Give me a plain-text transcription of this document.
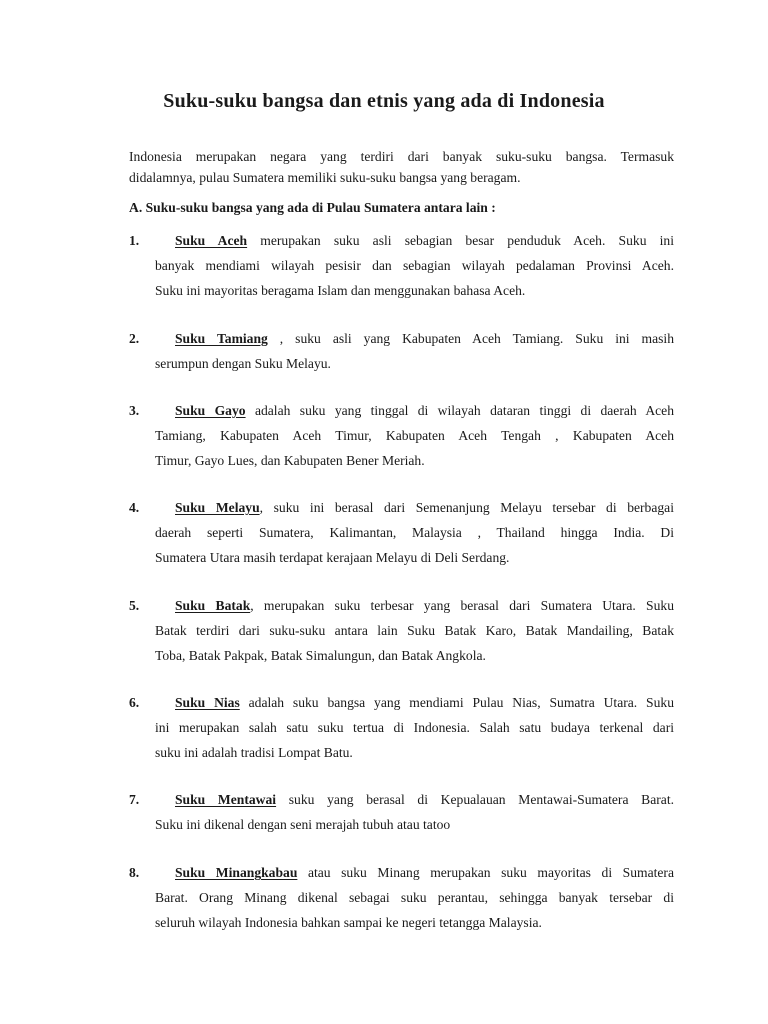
Suku-suku bangsa dan etnis yang ada di Indonesia

Indonesia merupakan negara yang terdiri dari banyak suku-suku bangsa. Termasuk
didalamnya, pulau Sumatera memiliki suku-suku bangsa yang beragam.

A. Suku-suku bangsa yang ada di Pulau Sumatera antara lain :

1.	Suku Aceh merupakan suku asli sebagian besar penduduk Aceh. Suku ini
banyak mendiami wilayah pesisir dan sebagian wilayah pedalaman Provinsi Aceh.
Suku ini mayoritas beragama Islam dan menggunakan bahasa Aceh.
2.	Suku Tamiang , suku asli yang Kabupaten Aceh Tamiang. Suku ini masih
serumpun dengan Suku Melayu.
3.	Suku Gayo adalah suku yang tinggal di wilayah dataran tinggi di daerah Aceh
Tamiang, Kabupaten Aceh Timur, Kabupaten Aceh Tengah , Kabupaten Aceh
Timur, Gayo Lues, dan Kabupaten Bener Meriah.
4.	Suku Melayu, suku ini berasal dari Semenanjung Melayu tersebar di berbagai
daerah seperti Sumatera, Kalimantan, Malaysia , Thailand hingga India. Di
Sumatera Utara masih terdapat kerajaan Melayu di Deli Serdang.
5.	Suku Batak, merupakan suku terbesar yang berasal dari Sumatera Utara. Suku
Batak terdiri dari suku-suku antara lain Suku Batak Karo, Batak Mandailing, Batak
Toba, Batak Pakpak, Batak Simalungun, dan Batak Angkola.
6.	Suku Nias adalah suku bangsa yang mendiami Pulau Nias, Sumatra Utara. Suku
ini merupakan salah satu suku tertua di Indonesia. Salah satu budaya terkenal dari
suku ini adalah tradisi Lompat Batu.
7.	Suku Mentawai suku yang berasal di Kepualauan Mentawai-Sumatera Barat.
Suku ini dikenal dengan seni merajah tubuh atau tatoo
8.	Suku Minangkabau atau suku Minang merupakan suku mayoritas di Sumatera
Barat. Orang Minang dikenal sebagai suku perantau, sehingga banyak tersebar di
seluruh wilayah Indonesia bahkan sampai ke negeri tetangga Malaysia.
